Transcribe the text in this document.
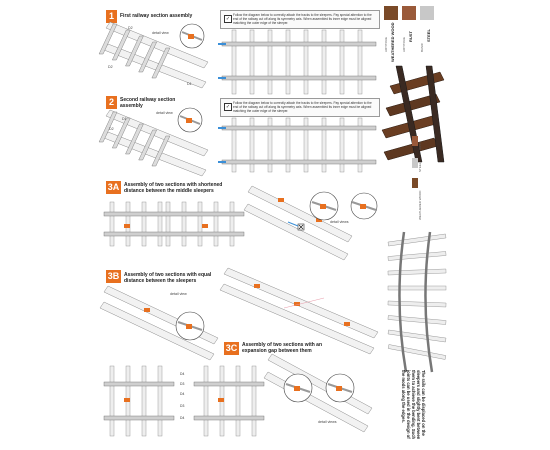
1	First railway section assembly
detail view
D2
D2
D1
✓
Follow the diagram below to correctly attach the tracks to the sleepers. Pay special attention to the end of the railway cut off along its symmetry axis. When assembled its inner edge must be aligned matching the outer edge of the sleeper.
2	Second railway section assembly
detail view
D1
D2
✓
Follow the diagram below to correctly attach the tracks to the sleepers. Pay special attention to the end of the railway cut off along its symmetry axis. When assembled its inner edge must be aligned matching the outer edge of the sleeper.
3A Assembly of two sections with shortened distance between the middle sleepers
detail views
3B Assembly of two sections with equal distance between the sleepers
detail view
3C Assembly of two sections with an expansion gap between them
D4
D3
D4
D3
D4
detail views
WEATHERED WOOD
ARTITRUE
RUST
ARTITRUE
STEEL
BASIC
RUST
STEEL
WEATHERED WOOD
The rails can be displaced on the sleepers and slightly bent between them to achieve the bending. Such joints can be used in the design of the mods along the edges.
